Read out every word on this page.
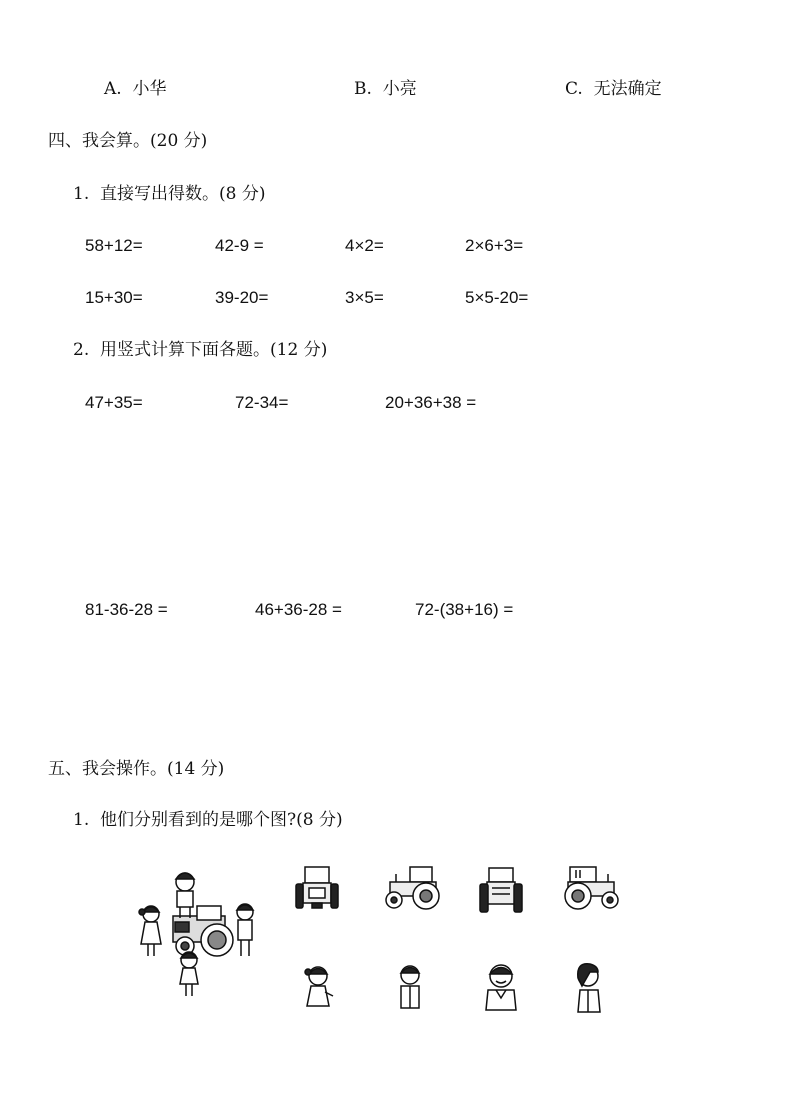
A.  小华	B.  小亮	C.  无法确定
四、我会算。(20 分)
1.  直接写出得数。(8 分)
58+12=	42-9 =	4×2=	2×6+3=
15+30=	39-20=	3×5=	5×5-20=
2.  用竖式计算下面各题。(12 分)
47+35=	72-34=	20+36+38 =
81-36-28 =	46+36-28 =	72-(38+16) =
五、我会操作。(14 分)
1.  他们分别看到的是哪个图?(8 分)
